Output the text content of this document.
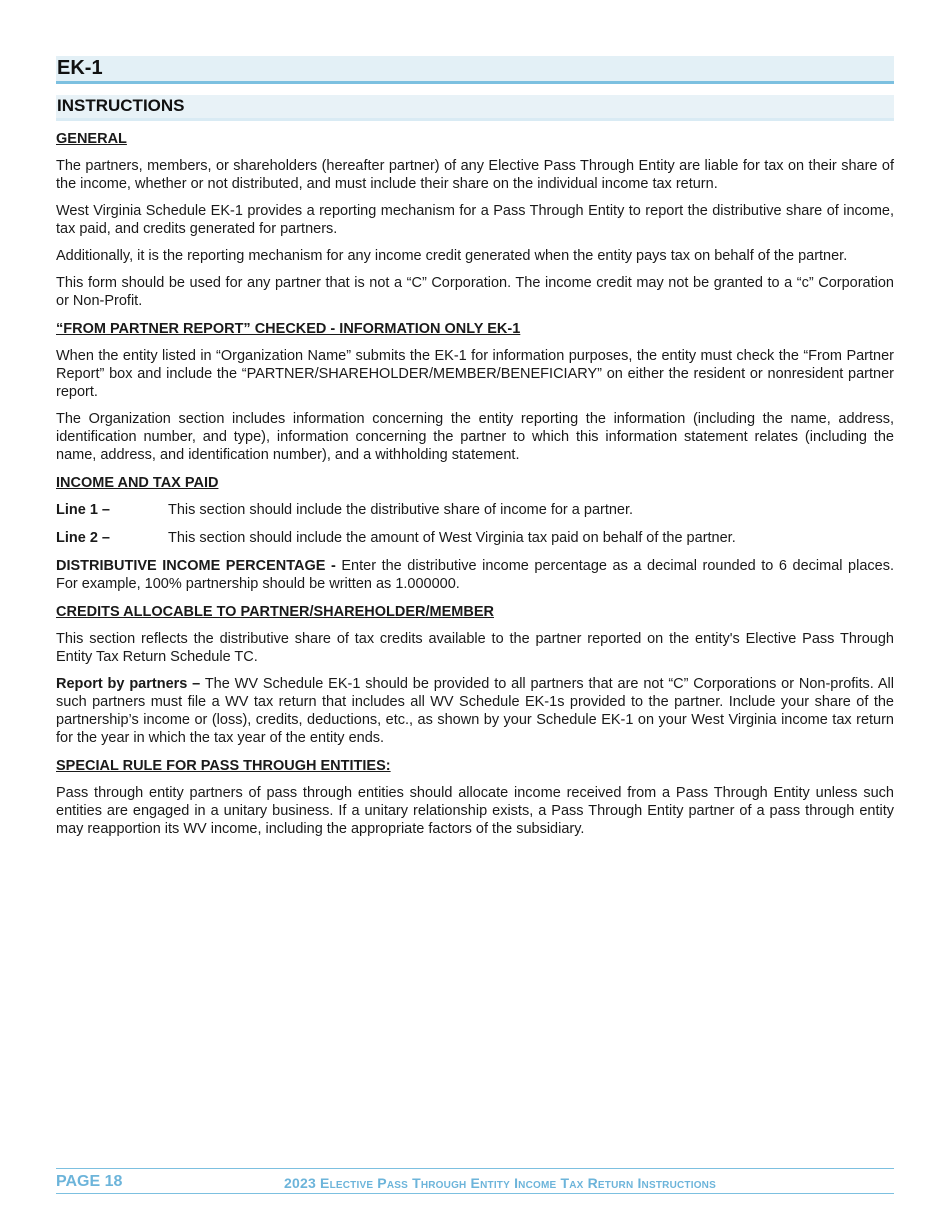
EK-1
INSTRUCTIONS
GENERAL

The partners, members, or shareholders (hereafter partner) of any Elective Pass Through Entity are liable for tax on their share of the income, whether or not distributed, and must include their share on the individual income tax return.

West Virginia Schedule EK-1 provides a reporting mechanism for a Pass Through Entity to report the distributive share of income, tax paid, and credits generated for partners.

Additionally, it is the reporting mechanism for any income credit generated when the entity pays tax on behalf of the partner.

This form should be used for any partner that is not a “C” Corporation. The income credit may not be granted to a “c” Corporation or Non-Profit.

“FROM PARTNER REPORT” CHECKED - INFORMATION ONLY EK-1

When the entity listed in “Organization Name” submits the EK-1 for information purposes, the entity must check the “From Partner Report” box and include the “PARTNER/SHAREHOLDER/MEMBER/BENEFICIARY” on either the resident or nonresident partner report.

The Organization section includes information concerning the entity reporting the information (including the name, address, identification number, and type), information concerning the partner to which this information statement relates (including the name, address, and identification number), and a withholding statement.

INCOME AND TAX PAID
Line 1 –	This section should include the distributive share of income for a partner.
Line 2 –	This section should include the amount of West Virginia tax paid on behalf of the partner.

DISTRIBUTIVE INCOME PERCENTAGE - Enter the distributive income percentage as a decimal rounded to 6 decimal places. For example, 100% partnership should be written as 1.000000.

CREDITS ALLOCABLE TO PARTNER/SHAREHOLDER/MEMBER

This section reflects the distributive share of tax credits available to the partner reported on the entity's Elective Pass Through Entity Tax Return Schedule TC.

Report by partners – The WV Schedule EK-1 should be provided to all partners that are not “C” Corporations or Non-profits. All such partners must file a WV tax return that includes all WV Schedule EK-1s provided to the partner. Include your share of the partnership’s income or (loss), credits, deductions, etc., as shown by your Schedule EK-1 on your West Virginia income tax return for the year in which the tax year of the entity ends.

SPECIAL RULE FOR PASS THROUGH ENTITIES:

Pass through entity partners of pass through entities should allocate income received from a Pass Through Entity unless such entities are engaged in a unitary business. If a unitary relationship exists, a Pass Through Entity partner of a pass through entity may reapportion its WV income, including the appropriate factors of the subsidiary.

PAGE 18	2023 Elective Pass Through Entity Income Tax Return Instructions
